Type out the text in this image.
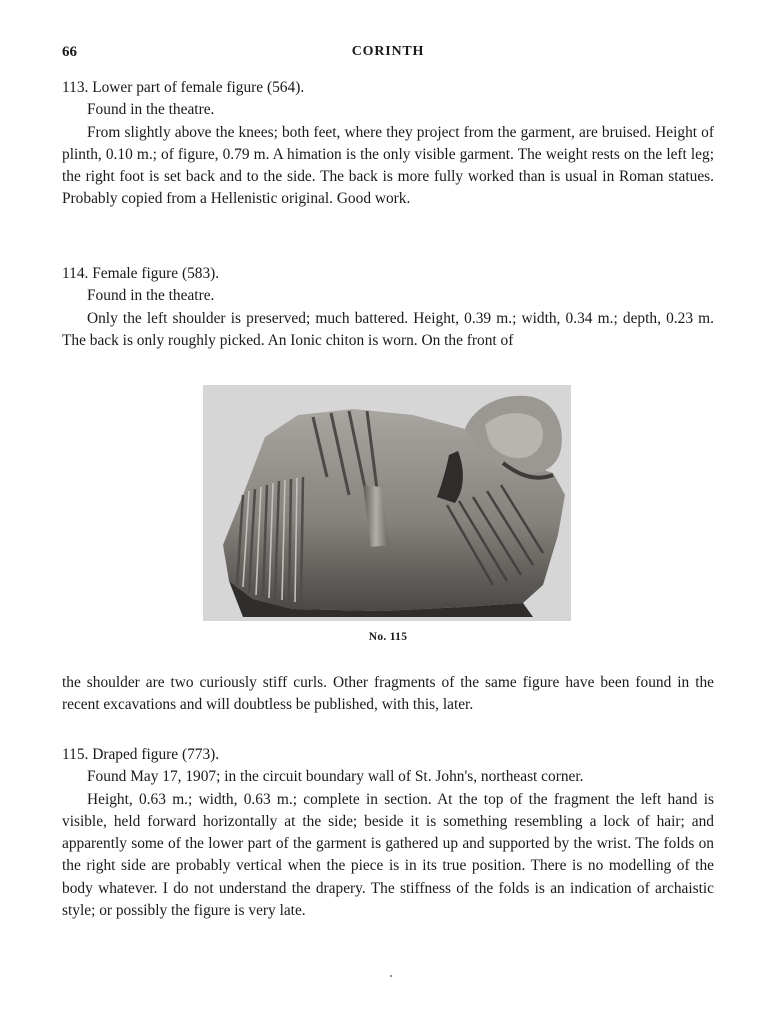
66	CORINTH

113. Lower part of female figure (564).

Found in the theatre.

From slightly above the knees; both feet, where they project from the garment, are bruised. Height of plinth, 0.10 m.; of figure, 0.79 m. A himation is the only visible garment. The weight rests on the left leg; the right foot is set back and to the side. The back is more fully worked than is usual in Roman statues. Probably copied from a Hellenistic original. Good work.

114. Female figure (583).

Found in the theatre.

Only the left shoulder is preserved; much battered. Height, 0.39 m.; width, 0.34 m.; depth, 0.23 m. The back is only roughly picked. An Ionic chiton is worn. On the front of

No. 115

the shoulder are two curiously stiff curls. Other fragments of the same figure have been found in the recent excavations and will doubtless be published, with this, later.

115. Draped figure (773).

Found May 17, 1907; in the circuit boundary wall of St. John's, northeast corner.

Height, 0.63 m.; width, 0.63 m.; complete in section. At the top of the fragment the left hand is visible, held forward horizontally at the side; beside it is something resembling a lock of hair; and apparently some of the lower part of the garment is gathered up and supported by the wrist. The folds on the right side are probably vertical when the piece is in its true position. There is no modelling of the body whatever. I do not understand the drapery. The stiffness of the folds is an indication of archaistic style; or possibly the figure is very late.
